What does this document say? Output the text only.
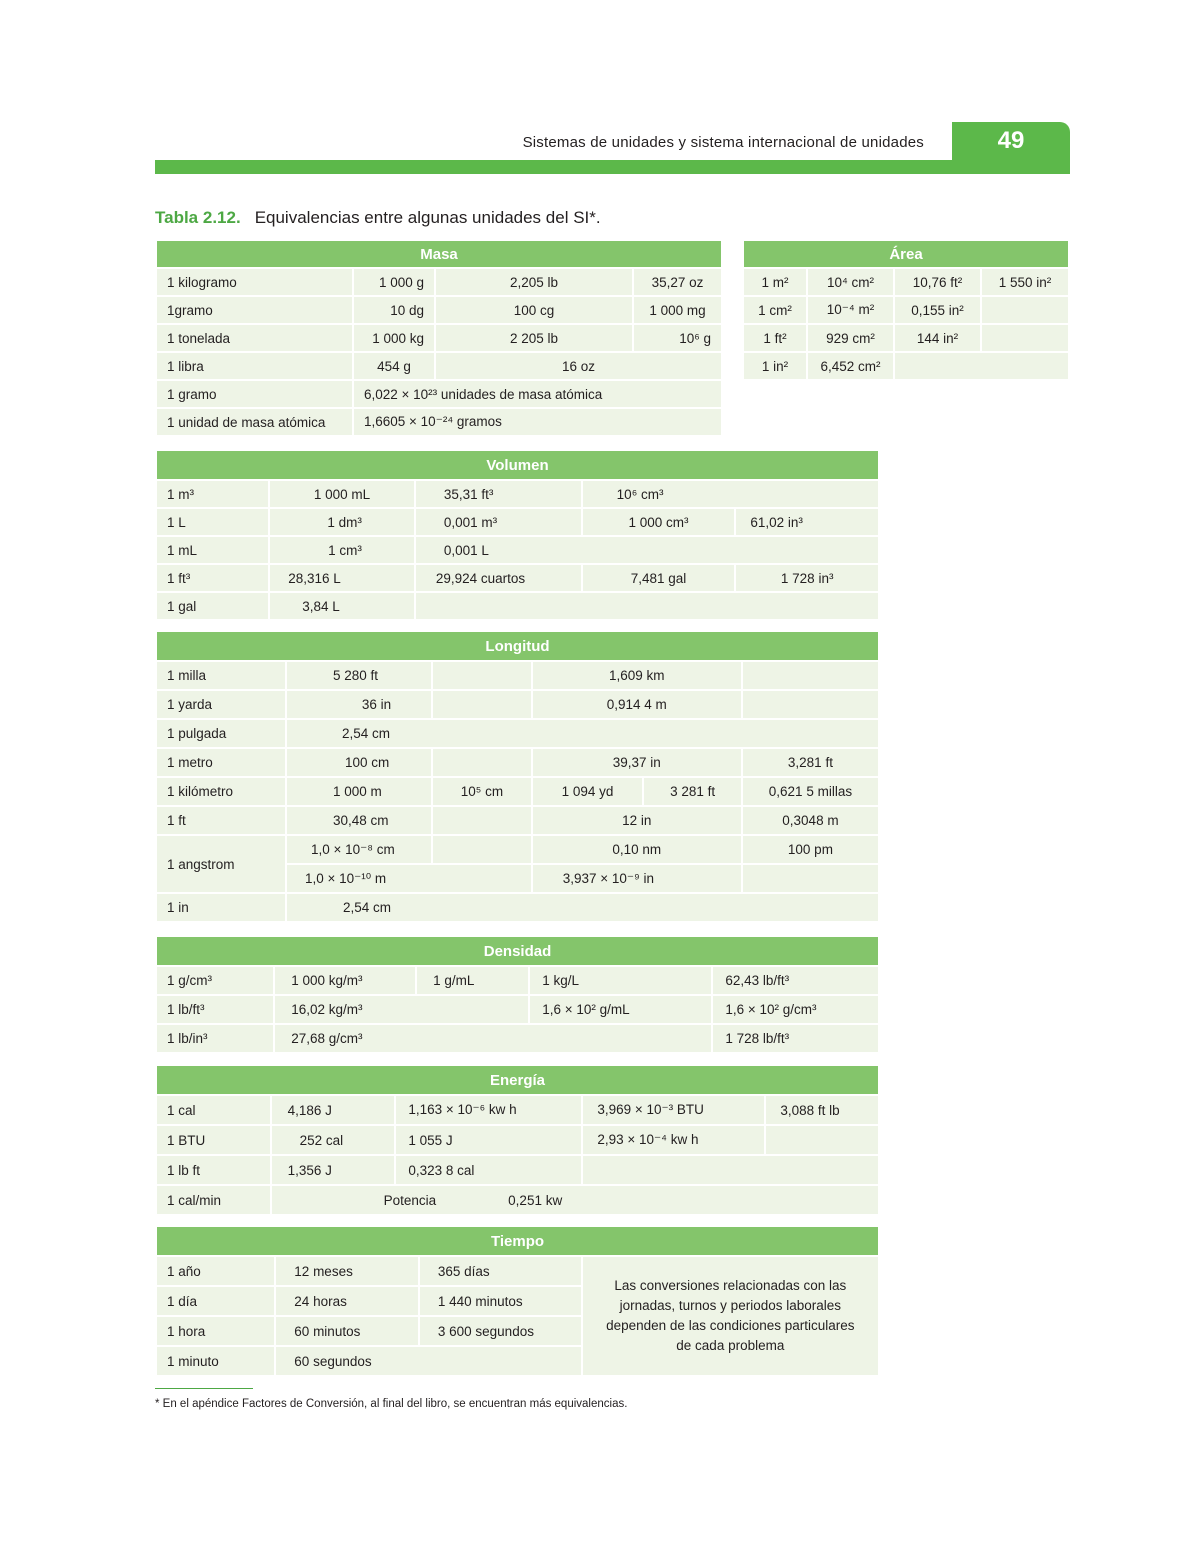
Sistemas de unidades y sistema internacional de unidades	49
Tabla 2.12. Equivalencias entre algunas unidades del SI*.
Masa			
1 kilogramo	1 000 g	2,205 lb	35,27 oz
1gramo	10 dg	100 cg	1 000 mg
1 tonelada	1 000 kg	2 205 lb	10⁶ g
1 libra	454 g	16 oz	
1 gramo	6,022 × 10²³ unidades de masa atómica		
1 unidad de masa atómica	1,6605 × 10⁻²⁴ gramos		
Área			
1 m²	10⁴ cm²	10,76 ft²	1 550 in²
1 cm²	10⁻⁴ m²	0,155 in²	
1 ft²	929 cm²	144 in²	
1 in²	6,452 cm²		
Volumen				
1 m³	1 000 mL	35,31 ft³	10⁶ cm³	
1 L	1 dm³	0,001 m³	1 000 cm³	61,02 in³
1 mL	1 cm³	0,001 L		
1 ft³	28,316 L	29,924 cuartos	7,481 gal	1 728 in³
1 gal	3,84 L			
Longitud					
1 milla	5 280 ft		1,609 km		
1 yarda	36 in		0,914 4 m		
1 pulgada	2,54 cm				
1 metro	100 cm		39,37 in		3,281 ft
1 kilómetro	1 000 m	10⁵ cm	1 094 yd	3 281 ft	0,621 5 millas
1 ft	30,48 cm		12 in		0,3048 m
1 angstrom	1,0 × 10⁻⁸ cm		0,10 nm		100 pm
	1,0 × 10⁻¹⁰ m		3,937 × 10⁻⁹ in		
1 in	2,54 cm				
Densidad				
1 g/cm³	1 000 kg/m³	1 g/mL	1 kg/L	62,43 lb/ft³
1 lb/ft³	16,02 kg/m³		1,6 × 10² g/mL	1,6 × 10² g/cm³
1 lb/in³	27,68 g/cm³			1 728 lb/ft³
Energía				
1 cal	4,186 J	1,163 × 10⁻⁶ kw h	3,969 × 10⁻³ BTU	3,088 ft lb
1 BTU	252 cal	1 055 J	2,93 × 10⁻⁴ kw h	
1 lb ft	1,356 J	0,323 8 cal		
1 cal/min	Potencia 0,251 kw			
Tiempo			
1 año	12 meses	365 días	Las conversiones relacionadas con las jornadas, turnos y periodos laborales dependen de las condiciones particulares de cada problema
1 día	24 horas	1 440 minutos	
1 hora	60 minutos	3 600 segundos	
1 minuto	60 segundos		
* En el apéndice Factores de Conversión, al final del libro, se encuentran más equivalencias.
